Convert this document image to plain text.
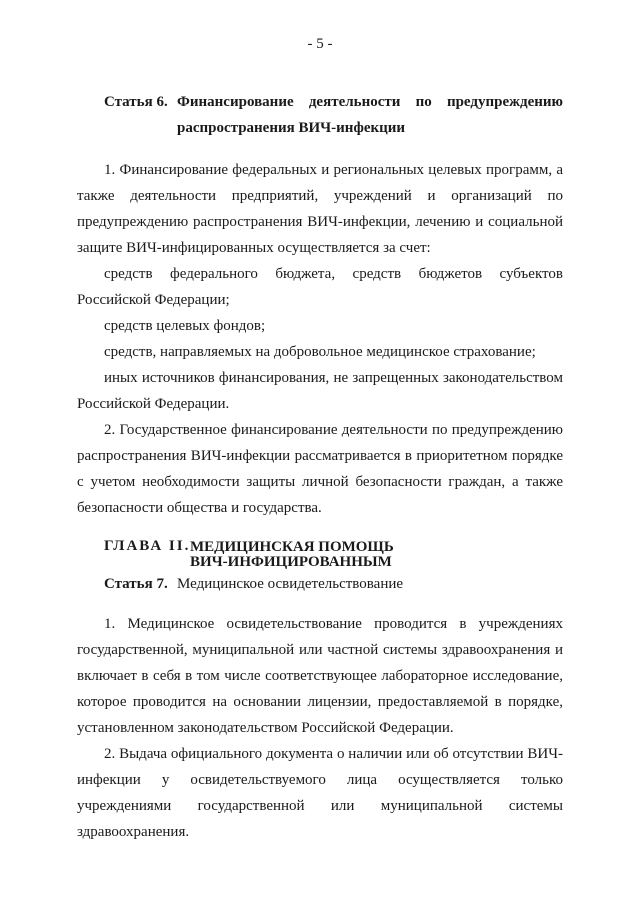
- 5 -
Статья 6. Финансирование деятельности по предупреждению
распространения ВИЧ-инфекции
1. Финансирование федеральных и региональных целевых программ, а
также деятельности предприятий, учреждений и организаций по
предупреждению распространения ВИЧ-инфекции, лечению и социальной
защите ВИЧ-инфицированных осуществляется за счет:
средств федерального бюджета, средств бюджетов субъектов
Российской Федерации;
средств целевых фондов;
средств, направляемых на добровольное медицинское страхование;
иных источников финансирования, не запрещенных законодательством
Российской Федерации.
2. Государственное финансирование деятельности по предупреждению
распространения ВИЧ-инфекции рассматривается в приоритетном порядке
с учетом необходимости защиты личной безопасности граждан, а также
безопасности общества и государства.
ГЛАВА II. МЕДИЦИНСКАЯ ПОМОЩЬ
ВИЧ-ИНФИЦИРОВАННЫМ
Статья 7. Медицинское освидетельствование
1. Медицинское освидетельствование проводится в учреждениях
государственной, муниципальной или частной системы здравоохранения и
включает в себя в том числе соответствующее лабораторное исследование,
которое проводится на основании лицензии, предоставляемой в порядке,
установленном законодательством Российской Федерации.
2. Выдача официального документа о наличии или об отсутствии ВИЧ-
инфекции у освидетельствуемого лица осуществляется только
учреждениями государственной или муниципальной системы
здравоохранения.
